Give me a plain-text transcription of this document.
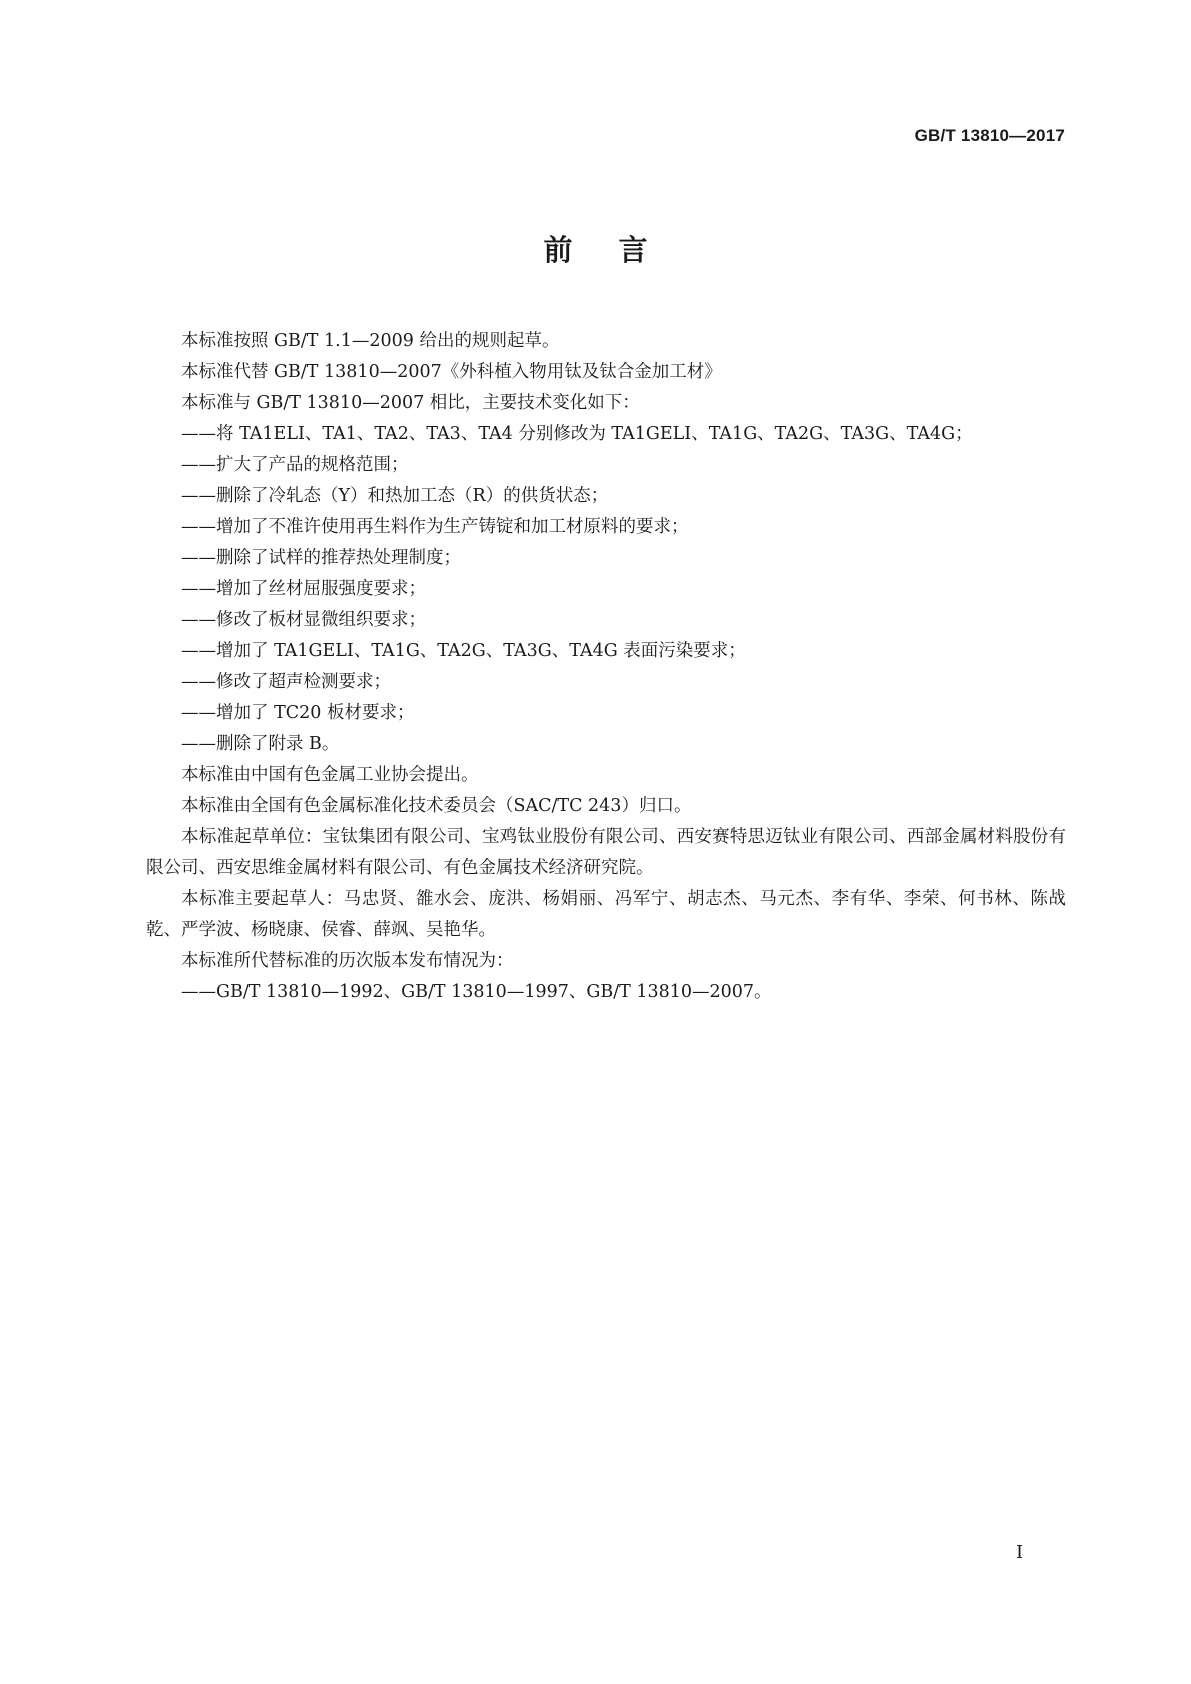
GB/T 13810—2017
前言

本标准按照 GB/T 1.1—2009 给出的规则起草。

本标准代替 GB/T 13810—2007《外科植入物用钛及钛合金加工材》

本标准与 GB/T 13810—2007 相比，主要技术变化如下：

——将 TA1ELI、TA1、TA2、TA3、TA4 分别修改为 TA1GELI、TA1G、TA2G、TA3G、TA4G；

——扩大了产品的规格范围；

——删除了冷轧态（Y）和热加工态（R）的供货状态；

——增加了不准许使用再生料作为生产铸锭和加工材原料的要求；

——删除了试样的推荐热处理制度；

——增加了丝材屈服强度要求；

——修改了板材显微组织要求；

——增加了 TA1GELI、TA1G、TA2G、TA3G、TA4G 表面污染要求；

——修改了超声检测要求；

——增加了 TC20 板材要求；

——删除了附录 B。

本标准由中国有色金属工业协会提出。

本标准由全国有色金属标准化技术委员会（SAC/TC 243）归口。

本标准起草单位：宝钛集团有限公司、宝鸡钛业股份有限公司、西安赛特思迈钛业有限公司、西部金属材料股份有限公司、西安思维金属材料有限公司、有色金属技术经济研究院。

本标准主要起草人：马忠贤、雒水会、庞洪、杨娟丽、冯军宁、胡志杰、马元杰、李有华、李荣、何书林、陈战乾、严学波、杨晓康、侯睿、薛飒、吴艳华。

本标准所代替标准的历次版本发布情况为：

——GB/T 13810—1992、GB/T 13810—1997、GB/T 13810—2007。

I
